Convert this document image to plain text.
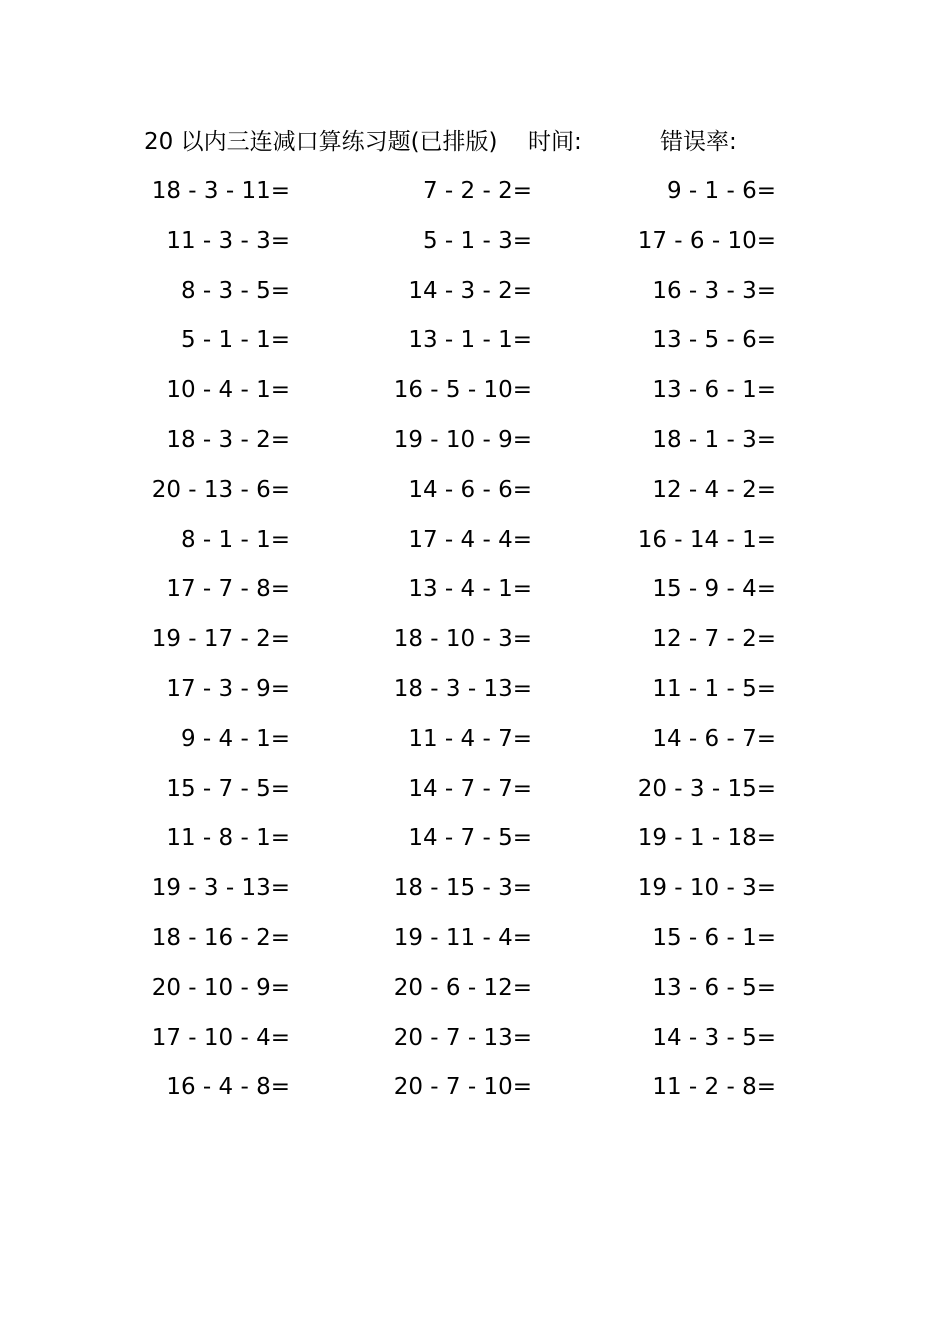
20 以内三连减口算练习题(已排版) 时间:	错误率:
18 - 3 - 11=	7 - 2 - 2=	9 - 1 - 6=
11 - 3 - 3=	5 - 1 - 3=	17 - 6 - 10=
8 - 3 - 5=	14 - 3 - 2=	16 - 3 - 3=
5 - 1 - 1=	13 - 1 - 1=	13 - 5 - 6=
10 - 4 - 1=	16 - 5 - 10=	13 - 6 - 1=
18 - 3 - 2=	19 - 10 - 9=	18 - 1 - 3=
20 - 13 - 6=	14 - 6 - 6=	12 - 4 - 2=
8 - 1 - 1=	17 - 4 - 4=	16 - 14 - 1=
17 - 7 - 8=	13 - 4 - 1=	15 - 9 - 4=
19 - 17 - 2=	18 - 10 - 3=	12 - 7 - 2=
17 - 3 - 9=	18 - 3 - 13=	11 - 1 - 5=
9 - 4 - 1=	11 - 4 - 7=	14 - 6 - 7=
15 - 7 - 5=	14 - 7 - 7=	20 - 3 - 15=
11 - 8 - 1=	14 - 7 - 5=	19 - 1 - 18=
19 - 3 - 13=	18 - 15 - 3=	19 - 10 - 3=
18 - 16 - 2=	19 - 11 - 4=	15 - 6 - 1=
20 - 10 - 9=	20 - 6 - 12=	13 - 6 - 5=
17 - 10 - 4=	20 - 7 - 13=	14 - 3 - 5=
16 - 4 - 8=	20 - 7 - 10=	11 - 2 - 8=
